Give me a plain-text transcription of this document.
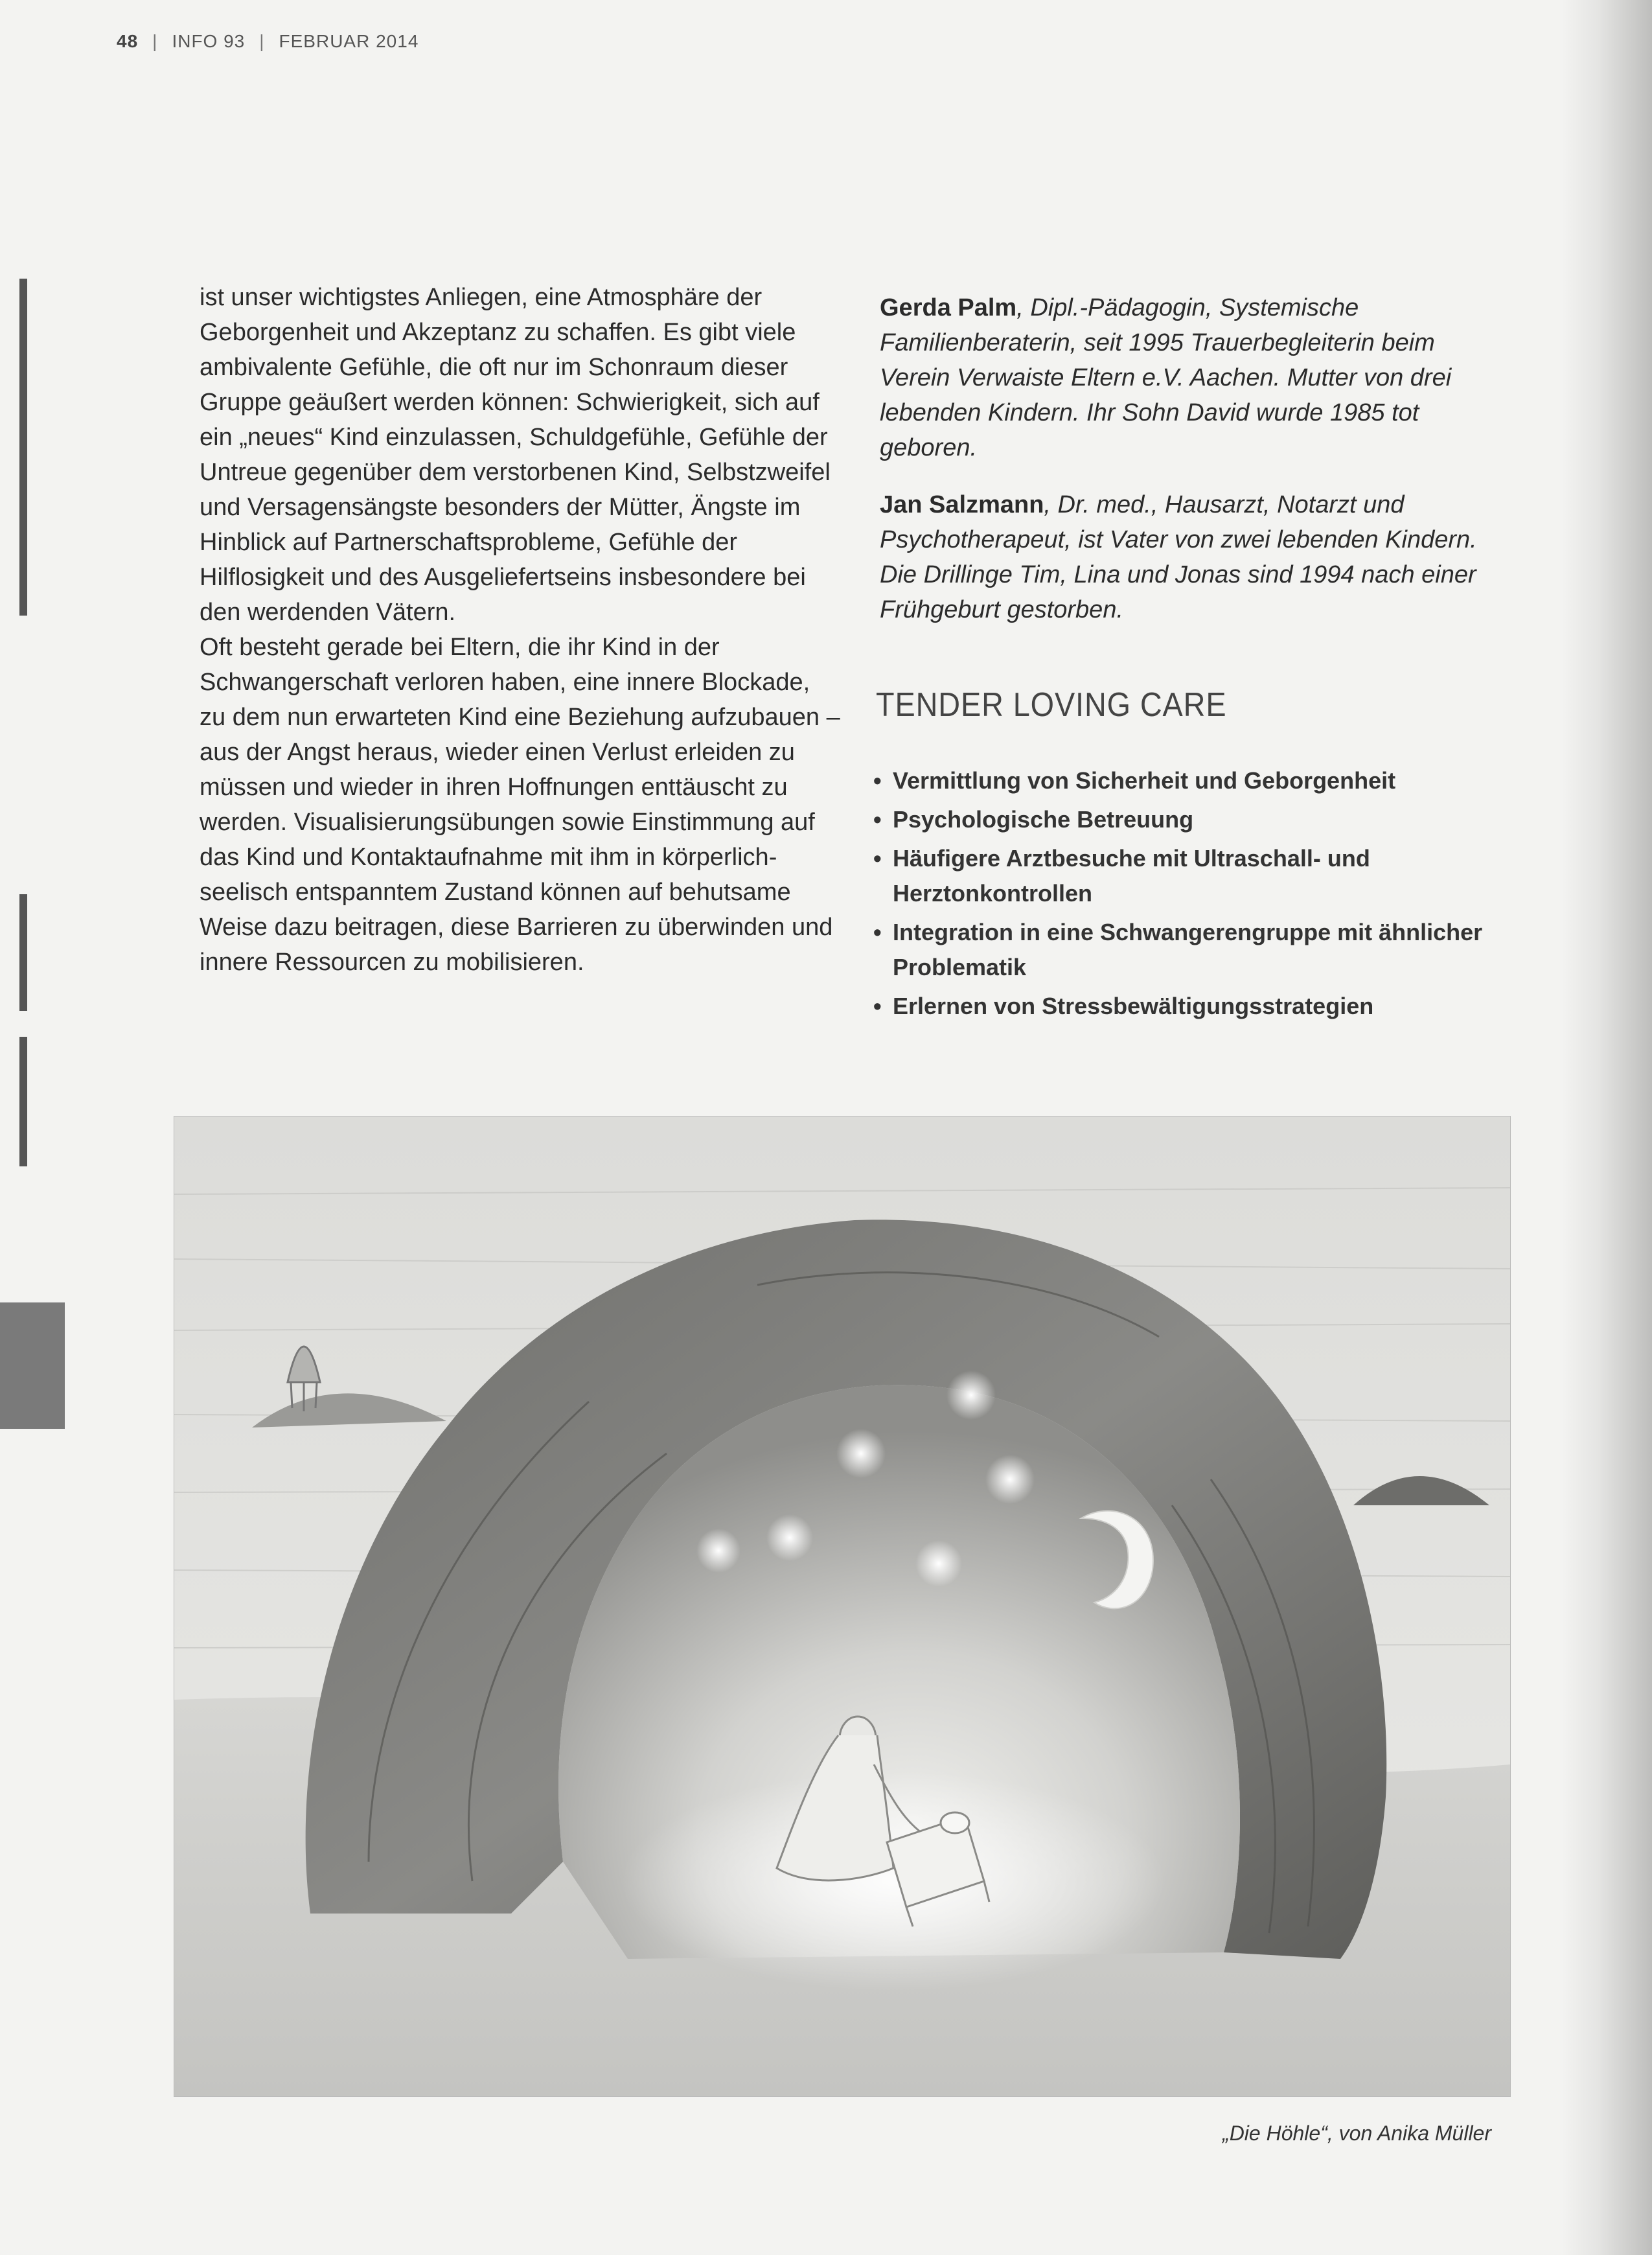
48 | INFO 93 | FEBRUAR 2014

ist unser wichtigstes Anliegen, eine Atmosphäre der Geborgenheit und Akzeptanz zu schaffen. Es gibt viele ambivalente Gefühle, die oft nur im Schonraum dieser Gruppe geäußert werden können: Schwierigkeit, sich auf ein „neues“ Kind einzulassen, Schuldgefühle, Gefühle der Untreue gegenüber dem verstorbenen Kind, Selbstzweifel und Versagensängste besonders der Mütter, Ängste im Hinblick auf Partnerschaftsprobleme, Gefühle der Hilflosigkeit und des Ausgeliefertseins insbesondere bei den werdenden Vätern.

Oft besteht gerade bei Eltern, die ihr Kind in der Schwangerschaft verloren haben, eine innere Blockade, zu dem nun erwarteten Kind eine Beziehung aufzubauen – aus der Angst heraus, wieder einen Verlust erleiden zu müssen und wieder in ihren Hoffnungen enttäuscht zu werden. Visualisierungsübungen sowie Einstimmung auf das Kind und Kontaktaufnahme mit ihm in körperlich-seelisch entspanntem Zustand können auf behutsame Weise dazu beitragen, diese Barrieren zu überwinden und innere Ressourcen zu mobilisieren.

Gerda Palm, Dipl.-Pädagogin, Systemische Familienberaterin, seit 1995 Trauerbegleiterin beim Verein Verwaiste Eltern e.V. Aachen. Mutter von drei lebenden Kindern. Ihr Sohn David wurde 1985 tot geboren.

Jan Salzmann, Dr. med., Hausarzt, Notarzt und Psychotherapeut, ist Vater von zwei lebenden Kindern. Die Drillinge Tim, Lina und Jonas sind 1994 nach einer Frühgeburt gestorben.

TENDER LOVING CARE
• Vermittlung von Sicherheit und Geborgenheit
• Psychologische Betreuung
• Häufigere Arztbesuche mit Ultraschall- und Herztonkontrollen
• Integration in eine Schwangerengruppe mit ähnlicher Problematik
• Erlernen von Stressbewältigungsstrategien
„Die Höhle“, von Anika Müller
